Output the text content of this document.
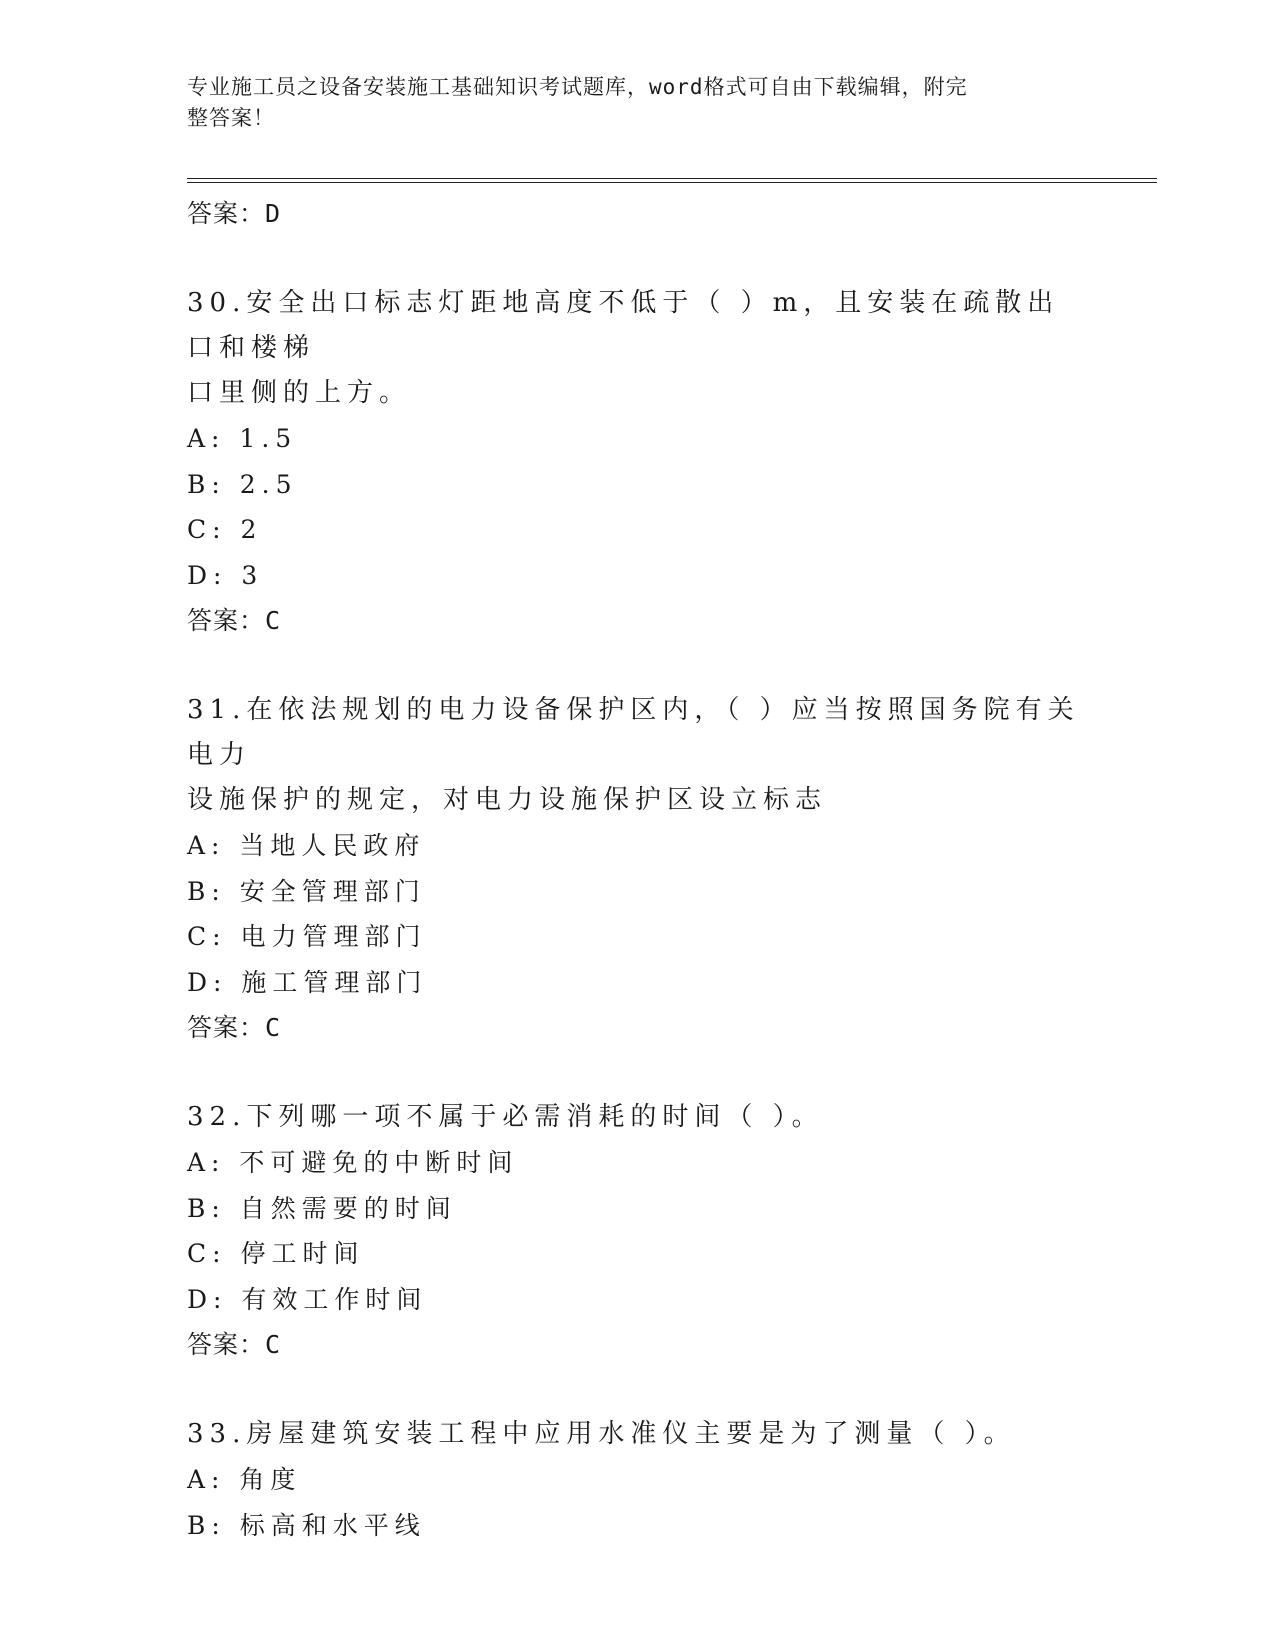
专业施工员之设备安装施工基础知识考试题库，word格式可自由下载编辑，附完
整答案！
答案：D
30.安全出口标志灯距地高度不低于（ ）m，且安装在疏散出口和楼梯
口里侧的上方。
A: 1.5
B: 2.5
C: 2
D: 3
答案：C
31.在依法规划的电力设备保护区内，（ ）应当按照国务院有关电力
设施保护的规定，对电力设施保护区设立标志
A: 当地人民政府
B: 安全管理部门
C: 电力管理部门
D: 施工管理部门
答案：C
32.下列哪一项不属于必需消耗的时间（ ）。
A: 不可避免的中断时间
B: 自然需要的时间
C: 停工时间
D: 有效工作时间
答案：C
33.房屋建筑安装工程中应用水准仪主要是为了测量（ ）。
A: 角度
B: 标高和水平线
